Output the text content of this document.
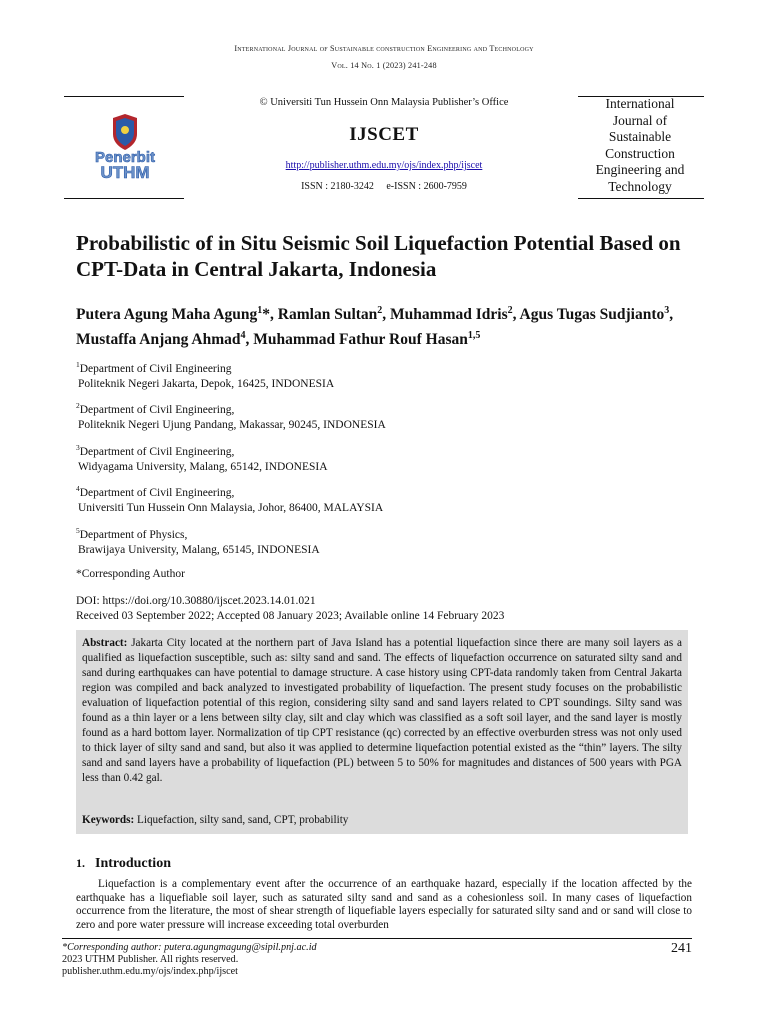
International Journal of Sustainable construction Engineering and Technology
Vol. 14 No. 1 (2023) 241-248
Penerbit
UTHM
© Universiti Tun Hussein Onn Malaysia Publisher’s Office
IJSCET
http://publisher.uthm.edu.my/ojs/index.php/ijscet
ISSN : 2180-3242     e-ISSN : 2600-7959
International
Journal of
Sustainable
Construction
Engineering and
Technology
Probabilistic of in Situ Seismic Soil Liquefaction Potential Based on CPT-Data in Central Jakarta, Indonesia
Putera Agung Maha Agung$^1$*, Ramlan Sultan$^2$, Muhammad Idris$^2$, Agus Tugas Sudjianto$^3$, Mustaffa Anjang Ahmad$^4$, Muhammad Fathur Rouf Hasan$^{1,5}$
$^1$Department of Civil Engineering
Politeknik Negeri Jakarta, Depok, 16425, INDONESIA
$^2$Department of Civil Engineering,
Politeknik Negeri Ujung Pandang, Makassar, 90245, INDONESIA
$^3$Department of Civil Engineering,
Widyagama University, Malang, 65142, INDONESIA
$^4$Department of Civil Engineering,
Universiti Tun Hussein Onn Malaysia, Johor, 86400, MALAYSIA
$^5$Department of Physics,
Brawijaya University, Malang, 65145, INDONESIA
*Corresponding Author
DOI: https://doi.org/10.30880/ijscet.2023.14.01.021
Received 03 September 2022; Accepted 08 January 2023; Available online 14 February 2023
Abstract: Jakarta City located at the northern part of Java Island has a potential liquefaction since there are many soil layers as a qualified as liquefaction susceptible, such as: silty sand and sand. The effects of liquefaction occurrence on saturated silty sand and sand during earthquakes can have potential to damage structure. A case history using CPT-data randomly taken from Central Jakarta region was compiled and back analyzed to investigated probability of liquefaction. The present study focuses on the probabilistic evaluation of liquefaction potential of this region, considering silty sand and sand layers related to CPT soundings. Silty sand was found as a thin layer or a lens between silty clay, silt and clay which was classified as a soft soil layer, and the sand layer is mostly found as a hard bottom layer. Normalization of tip CPT resistance (qc) corrected by an effective overburden stress was not only used to thick layer of silty sand and sand, but also it was applied to determine liquefaction potential existed as the “thin” layers. The silty sand and sand layers have a probability of liquefaction (PL) between 5 to 50% for magnitudes and distances of 500 years with PGA less than 0.42 gal.
Keywords: Liquefaction, silty sand, sand, CPT, probability
1. Introduction
Liquefaction is a complementary event after the occurrence of an earthquake hazard, especially if the location affected by the earthquake has a liquefiable soil layer, such as saturated silty sand and sand as a cohesionless soil. In many cases of liquefaction occurrence from the literature, the most of shear strength of liquefiable layers especially for saturated silty sand and or sand will close to zero and pore water pressure will increase exceeding total overburden
*Corresponding author: putera.agungmagung@sipil.pnj.ac.id
2023 UTHM Publisher. All rights reserved.
publisher.uthm.edu.my/ojs/index.php/ijscet
241
